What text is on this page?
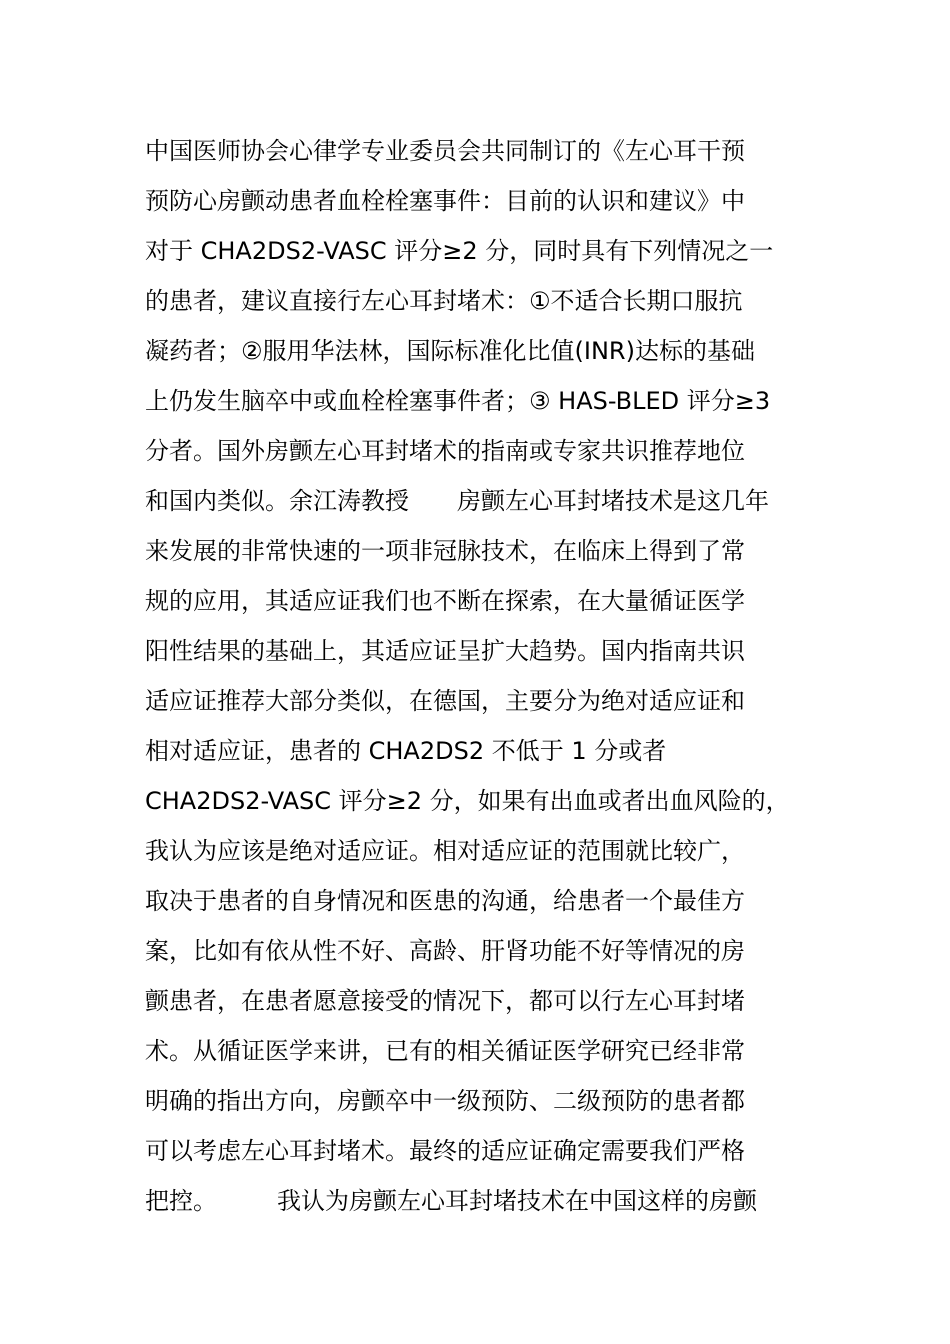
中国医师协会心律学专业委员会共同制订的《左心耳干预
预防心房颤动患者血栓栓塞事件：目前的认识和建议》中
对于 CHA2DS2-VASC 评分≥2 分，同时具有下列情况之一
的患者，建议直接行左心耳封堵术：①不适合长期口服抗
凝药者；②服用华法林，国际标准化比值(INR)达标的基础
上仍发生脑卒中或血栓栓塞事件者；③ HAS-BLED 评分≥3
分者。国外房颤左心耳封堵术的指南或专家共识推荐地位
和国内类似。余江涛教授　　房颤左心耳封堵技术是这几年
来发展的非常快速的一项非冠脉技术，在临床上得到了常
规的应用，其适应证我们也不断在探索，在大量循证医学
阳性结果的基础上，其适应证呈扩大趋势。国内指南共识
适应证推荐大部分类似，在德国，主要分为绝对适应证和
相对适应证，患者的 CHA2DS2 不低于 1 分或者
CHA2DS2-VASC 评分≥2 分，如果有出血或者出血风险的，
我认为应该是绝对适应证。相对适应证的范围就比较广，
取决于患者的自身情况和医患的沟通，给患者一个最佳方
案，比如有依从性不好、高龄、肝肾功能不好等情况的房
颤患者，在患者愿意接受的情况下，都可以行左心耳封堵
术。从循证医学来讲，已有的相关循证医学研究已经非常
明确的指出方向，房颤卒中一级预防、二级预防的患者都
可以考虑左心耳封堵术。最终的适应证确定需要我们严格
把控。　　　我认为房颤左心耳封堵技术在中国这样的房颤
